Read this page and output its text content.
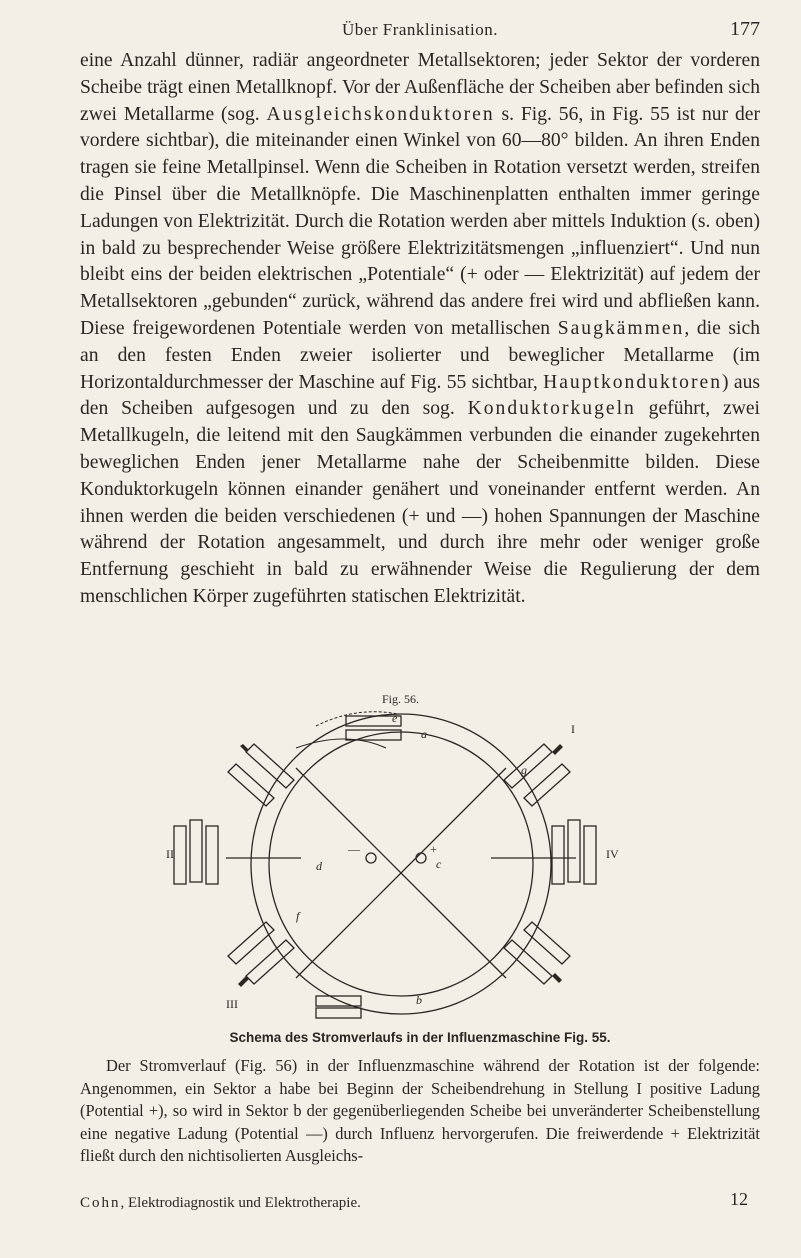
Über Franklinisation.	177

eine Anzahl dünner, radiär angeordneter Metallsektoren; jeder Sektor der vorderen Scheibe trägt einen Metallknopf. Vor der Außenfläche der Scheiben aber befinden sich zwei Metallarme (sog. Ausgleichskonduktoren s. Fig. 56, in Fig. 55 ist nur der vordere sichtbar), die miteinander einen Winkel von 60—80° bilden. An ihren Enden tragen sie feine Metallpinsel. Wenn die Scheiben in Rotation versetzt werden, streifen die Pinsel über die Metallknöpfe. Die Maschinenplatten enthalten immer geringe Ladungen von Elektrizität. Durch die Rotation werden aber mittels Induktion (s. oben) in bald zu besprechender Weise größere Elektrizitätsmengen „influenziert“. Und nun bleibt eins der beiden elektrischen „Potentiale“ (+ oder — Elektrizität) auf jedem der Metallsektoren „gebunden“ zurück, während das andere frei wird und abfließen kann. Diese freigewordenen Potentiale werden von metallischen Saugkämmen, die sich an den festen Enden zweier isolierter und beweglicher Metallarme (im Horizontaldurchmesser der Maschine auf Fig. 55 sichtbar, Hauptkonduktoren) aus den Scheiben aufgesogen und zu den sog. Konduktorkugeln geführt, zwei Metallkugeln, die leitend mit den Saugkämmen verbunden die einander zugekehrten beweglichen Enden jener Metallarme nahe der Scheibenmitte bilden. Diese Konduktorkugeln können einander genähert und voneinander entfernt werden. An ihnen werden die beiden verschiedenen (+ und —) hohen Spannungen der Maschine während der Rotation angesammelt, und durch ihre mehr oder weniger große Entfernung geschieht in bald zu erwähnender Weise die Regulierung der dem menschlichen Körper zugeführten statischen Elektrizität.

Fig. 56.
I
II
III
IV
a
b
c
d
e
f
g
+
—
Schema des Stromverlaufs in der Influenzmaschine Fig. 55.

Der Stromverlauf (Fig. 56) in der Influenzmaschine während der Rotation ist der folgende: Angenommen, ein Sektor a habe bei Beginn der Scheibendrehung in Stellung I positive Ladung (Potential +), so wird in Sektor b der gegenüberliegenden Scheibe bei unveränderter Scheibenstellung eine negative Ladung (Potential —) durch Influenz hervorgerufen. Die freiwerdende + Elektrizität fließt durch den nichtisolierten Ausgleichs-

Cohn, Elektrodiagnostik und Elektrotherapie.	12
